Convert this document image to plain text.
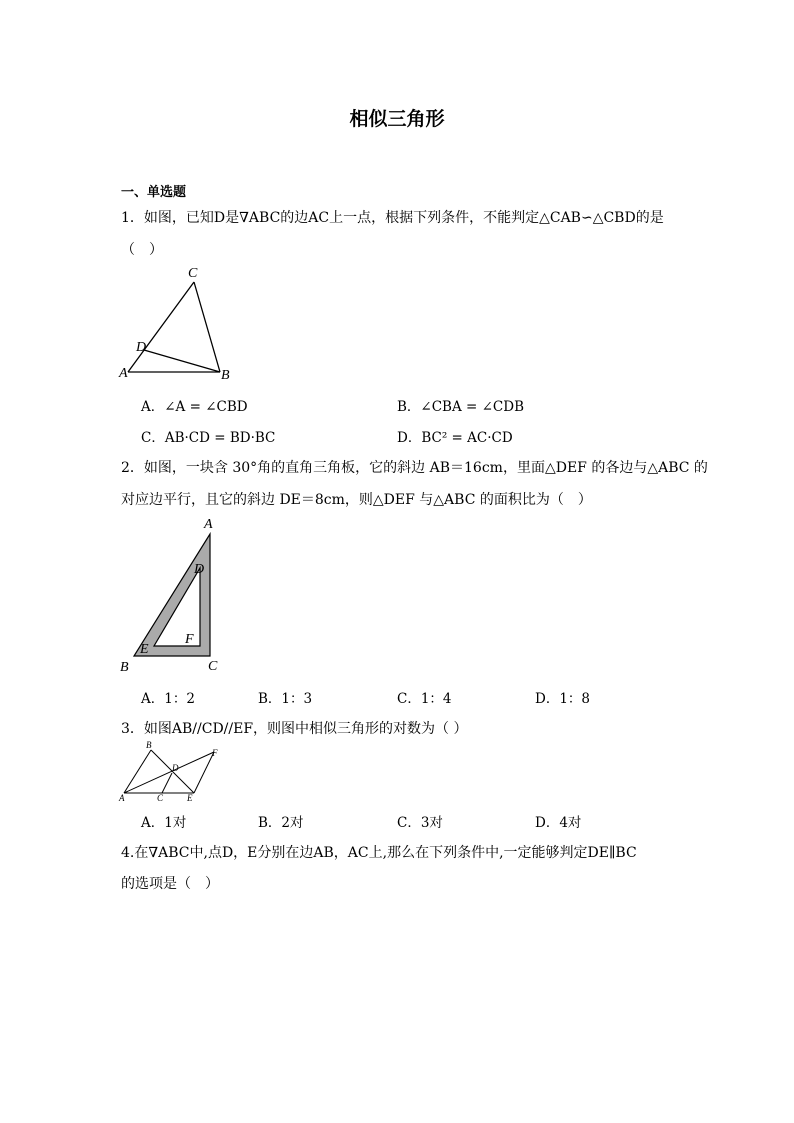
相似三角形
一、单选题
1．如图，已知D是∇ABC的边AC上一点，根据下列条件，不能判定△CAB∽△CBD的是
（　）
C
D
A	B
A．∠A = ∠CBD	B．∠CBA = ∠CDB
C．AB·CD = BD·BC	D．BC² = AC·CD
2．如图，一块含 30°角的直角三角板，它的斜边 AB＝16cm，里面△DEF 的各边与△ABC 的
对应边平行，且它的斜边 DE＝8cm，则△DEF 与△ABC 的面积比为（　）
A
D
F
E
B	C
A．1：2	B．1：3	C．1：4	D．1：8
3．如图AB//CD//EF，则图中相似三角形的对数为（ ）
B
F
D
A	C	E
A．1对	B．2对	C．3对	D．4对
4.在∇ABC中,点D，E分别在边AB，AC上,那么在下列条件中,一定能够判定DE∥BC
的选项是（　）
